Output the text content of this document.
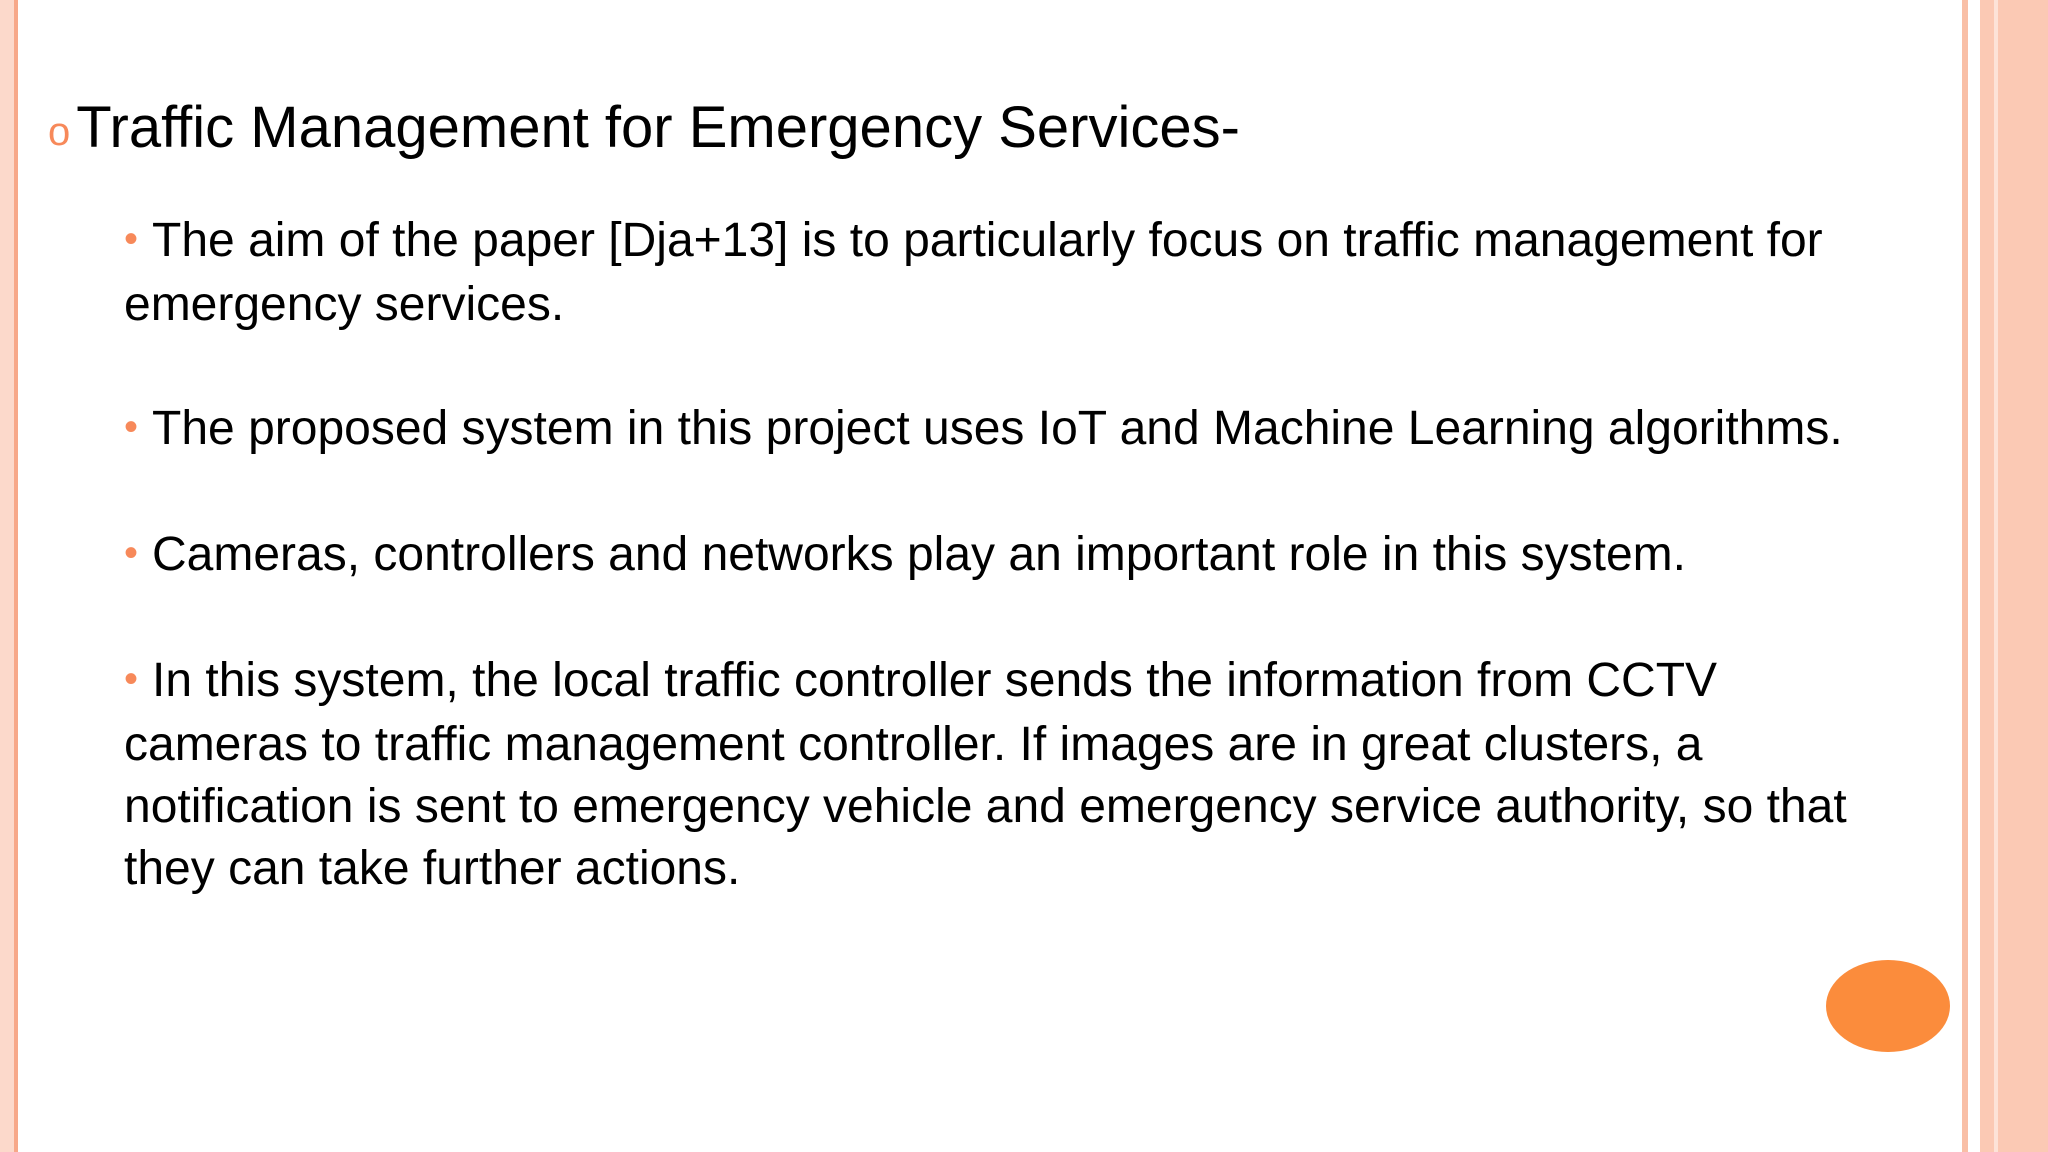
o Traffic Management for Emergency Services-

• The aim of the paper [Dja+13] is to particularly focus on traffic management for emergency services.

• The proposed system in this project uses IoT and Machine Learning algorithms.

• Cameras, controllers and networks play an important role in this system.

• In this system, the local traffic controller sends the information from CCTV cameras to traffic management controller. If images are in great clusters, a notification is sent to emergency vehicle and emergency service authority, so that they can take further actions.
